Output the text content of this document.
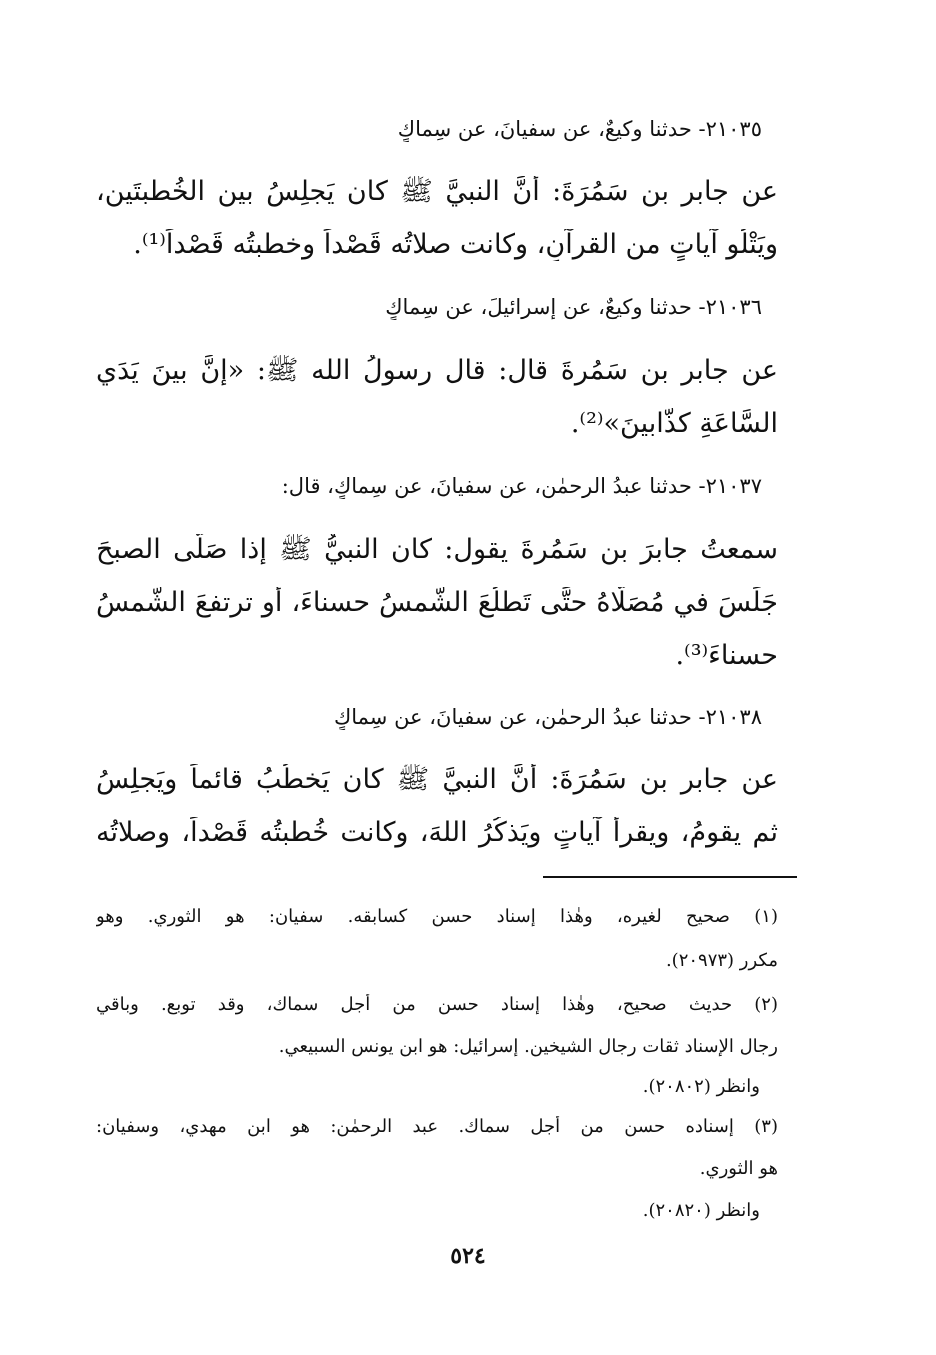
٢١٠٣٥- حدثنا وكيعٌ، عن سفيانَ، عن سِماكٍ
عن جابر بن سَمُرَةَ: أنَّ النبيَّ ﷺ كان يَجلِسُ بين الخُطبتَينِ،
ويَتْلُو آياتٍ من القرآنِ، وكانت صلاتُه قَصْداً وخطبتُه قَصْداً⁽¹⁾.
٢١٠٣٦- حدثنا وكيعٌ، عن إسرائيلَ، عن سِماكٍ
عن جابر بن سَمُرةَ قال: قال رسولُ الله ﷺ: «إنَّ بينَ يَدَي
السَّاعَةِ كذَّابينَ»⁽²⁾.
٢١٠٣٧- حدثنا عبدُ الرحمٰن، عن سفيانَ، عن سِماكٍ، قال:
سمعتُ جابرَ بن سَمُرةَ يقول: كان النبيُّ ﷺ إذا صَلَّى الصبحَ
جَلَسَ في مُصَلَّاهُ حتَّى تَطلُعَ الشَّمسُ حسناءَ، أو ترتفعَ الشَّمسُ
حسناءَ⁽³⁾.
٢١٠٣٨- حدثنا عبدُ الرحمٰن، عن سفيانَ، عن سِماكٍ
عن جابر بن سَمُرَةَ: أنَّ النبيَّ ﷺ كان يَخطُبُ قائماً ويَجلِسُ
ثم يقومُ، ويقرأُ آياتٍ ويَذكُرُ اللهَ، وكانت خُطبتُه قَصْداً، وصلاتُه
(١) صحيح لغيره، وهٰذا إسناد حسن كسابقه. سفيان: هو الثوري. وهو
مكرر (٢٠٩٧٣).
(٢) حديث صحيح، وهٰذا إسناد حسن من أجل سماك، وقد توبع. وباقي
رجال الإسناد ثقات رجال الشيخين. إسرائيل: هو ابن يونس السبيعي.
وانظر (٢٠٨٠٢).
(٣) إسناده حسن من أجل سماك. عبد الرحمٰن: هو ابن مهدي، وسفيان:
هو الثوري.
وانظر (٢٠٨٢٠).
٥٢٤
